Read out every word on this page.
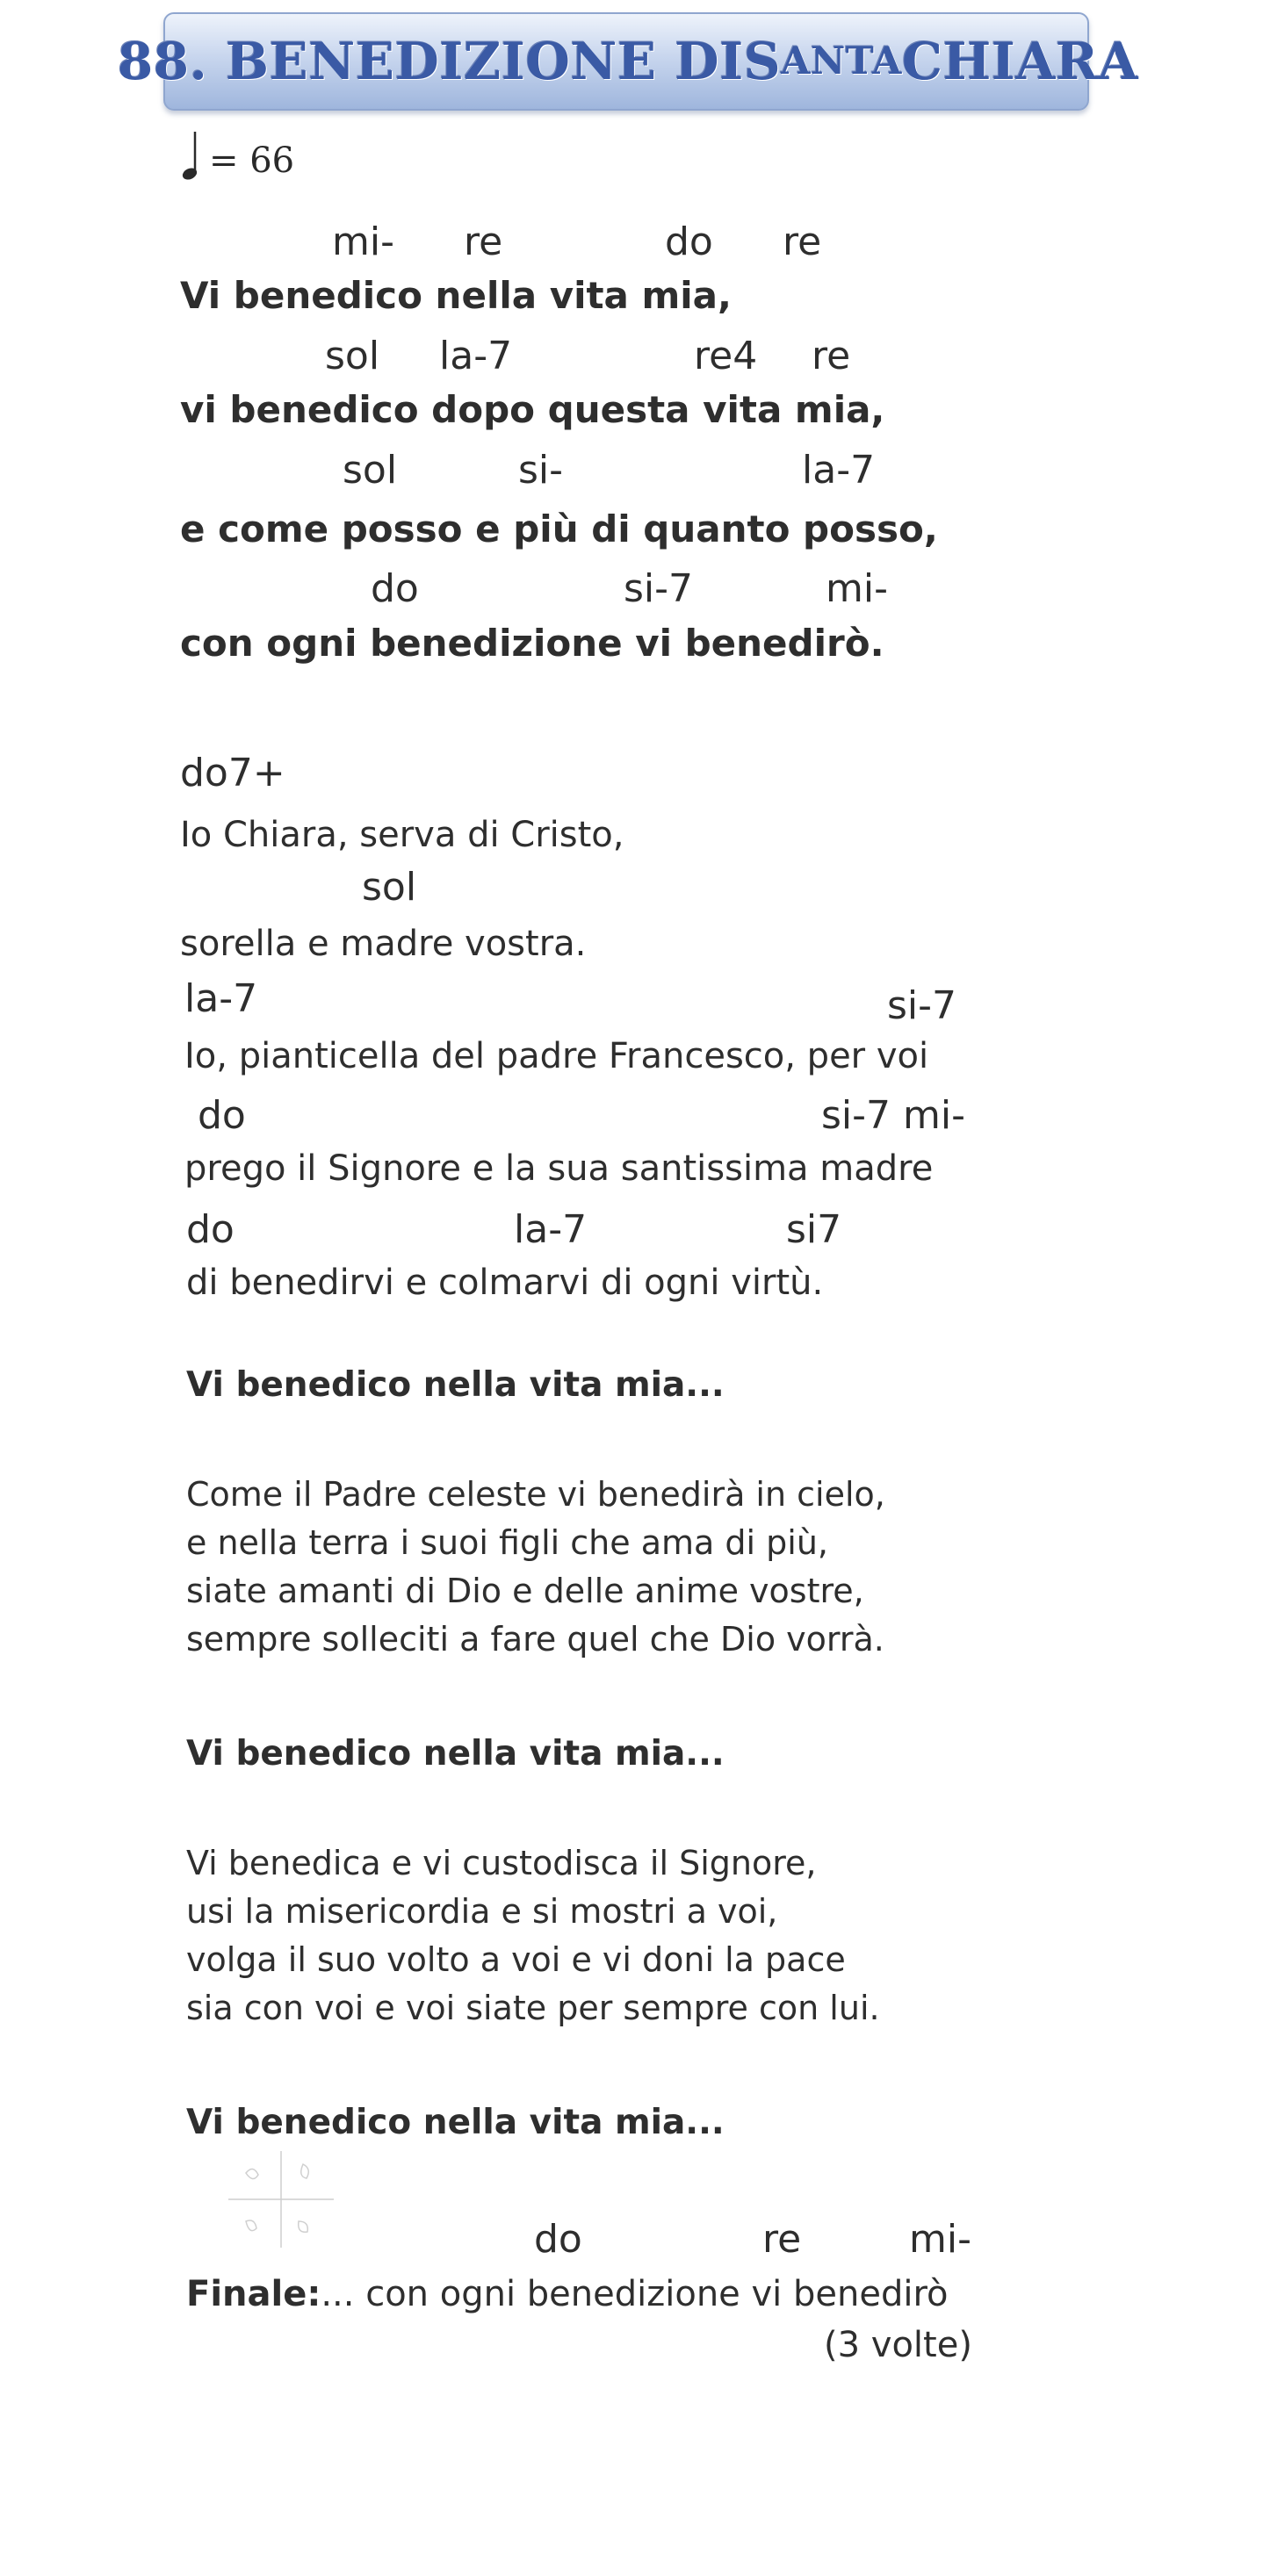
88.
BENEDIZIONE DI S ANTA CHIARA
= 66
mi- re	do re
Vi benedico nella vita mia,
sol la-7	re4 re
vi benedico dopo questa vita mia,
sol	si-	la-7
e come posso e più di quanto posso,
do	si-7	mi-
con ogni benedizione vi benedirò.
do7+
Io Chiara, serva di Cristo,
sol
sorella e madre vostra.
la-7	si-7
Io, pianticella del padre Francesco, per voi
do	si-7 mi-
prego il Signore e la sua santissima madre
do	la-7	si7
di benedirvi e colmarvi di ogni virtù.
Vi benedico nella vita mia...
Come il Padre celeste vi benedirà in cielo,
e nella terra i suoi figli che ama di più,
siate amanti di Dio e delle anime vostre,
sempre solleciti a fare quel che Dio vorrà.
Vi benedico nella vita mia...
Vi benedica e vi custodisca il Signore,
usi la misericordia e si mostri a voi,
volga il suo volto a voi e vi doni la pace
sia con voi e voi siate per sempre con lui.
Vi benedico nella vita mia...
do	re	mi-
Finale:... con ogni benedizione vi benedirò
(3 volte)
